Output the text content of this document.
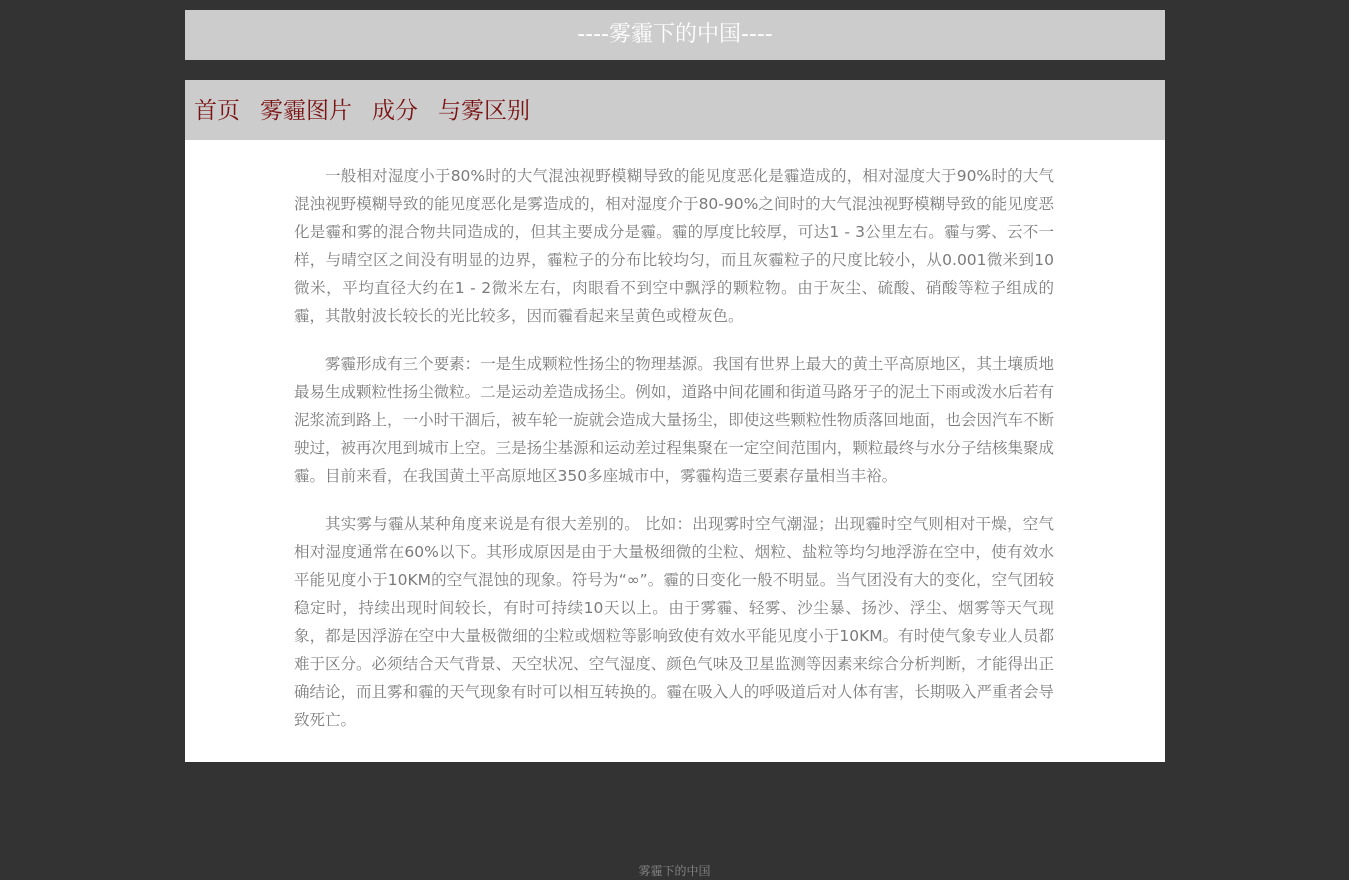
----雾霾下的中国----
首页 雾霾图片 成分 与雾区别

一般相对湿度小于80%时的大气混浊视野模糊导致的能见度恶化是霾造成的，相对湿度大于90%时的大气混浊视野模糊导致的能见度恶化是雾造成的，相对湿度介于80-90%之间时的大气混浊视野模糊导致的能见度恶化是霾和雾的混合物共同造成的，但其主要成分是霾。霾的厚度比较厚，可达1 - 3公里左右。霾与雾、云不一样，与晴空区之间没有明显的边界，霾粒子的分布比较均匀，而且灰霾粒子的尺度比较小，从0.001微米到10微米，平均直径大约在1 - 2微米左右，肉眼看不到空中飘浮的颗粒物。由于灰尘、硫酸、硝酸等粒子组成的霾，其散射波长较长的光比较多，因而霾看起来呈黄色或橙灰色。

雾霾形成有三个要素：一是生成颗粒性扬尘的物理基源。我国有世界上最大的黄土平高原地区，其土壤质地最易生成颗粒性扬尘微粒。二是运动差造成扬尘。例如，道路中间花圃和街道马路牙子的泥土下雨或泼水后若有泥浆流到路上，一小时干涸后，被车轮一旋就会造成大量扬尘，即使这些颗粒性物质落回地面，也会因汽车不断驶过，被再次甩到城市上空。三是扬尘基源和运动差过程集聚在一定空间范围内，颗粒最终与水分子结核集聚成霾。目前来看，在我国黄土平高原地区350多座城市中，雾霾构造三要素存量相当丰裕。

其实雾与霾从某种角度来说是有很大差别的。 比如：出现雾时空气潮湿；出现霾时空气则相对干燥，空气相对湿度通常在60%以下。其形成原因是由于大量极细微的尘粒、烟粒、盐粒等均匀地浮游在空中，使有效水平能见度小于10KM的空气混蚀的现象。符号为“∞”。霾的日变化一般不明显。当气团没有大的变化，空气团较稳定时，持续出现时间较长，有时可持续10天以上。由于雾霾、轻雾、沙尘暴、扬沙、浮尘、烟雾等天气现象，都是因浮游在空中大量极微细的尘粒或烟粒等影响致使有效水平能见度小于10KM。有时使气象专业人员都难于区分。必须结合天气背景、天空状况、空气湿度、颜色气味及卫星监测等因素来综合分析判断，才能得出正确结论，而且雾和霾的天气现象有时可以相互转换的。霾在吸入人的呼吸道后对人体有害，长期吸入严重者会导致死亡。

雾霾下的中国
